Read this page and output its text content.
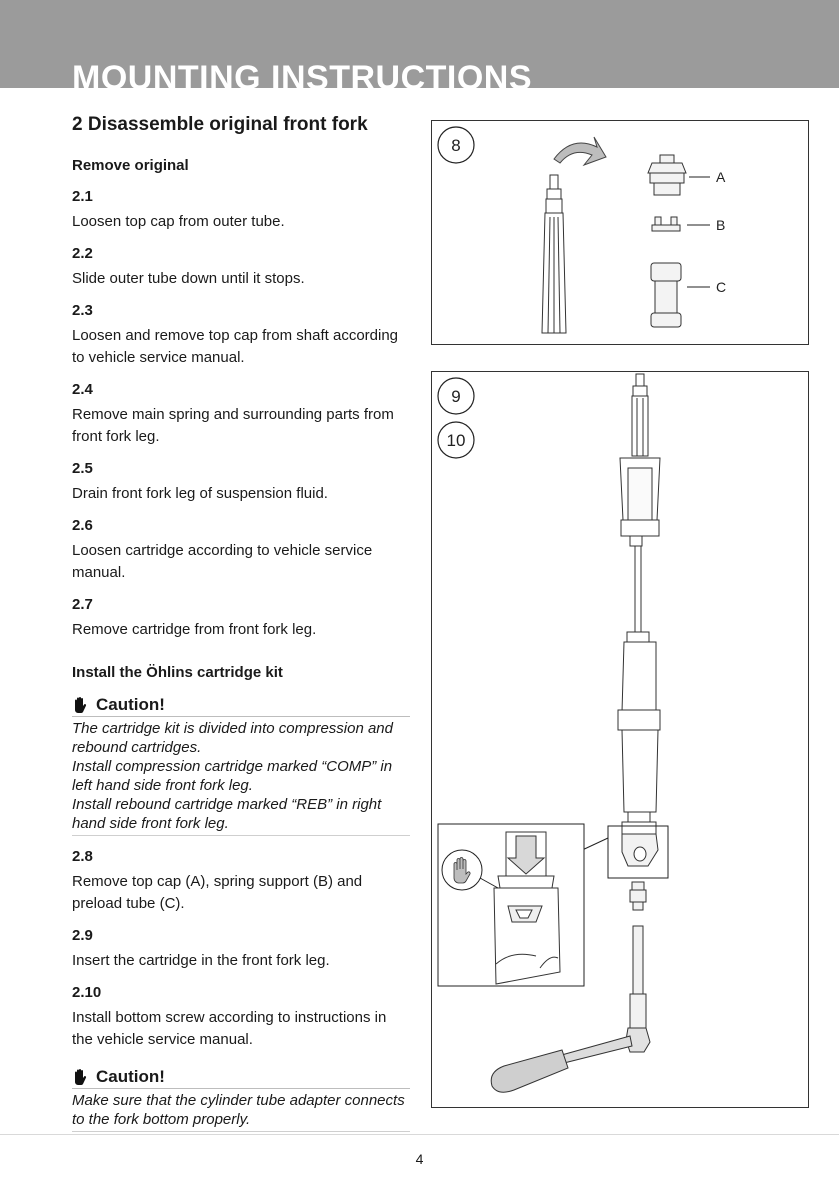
MOUNTING INSTRUCTIONS
2 Disassemble original front fork

Remove original

2.1

Loosen top cap from outer tube.

2.2

Slide outer tube down until it stops.

2.3

Loosen and remove top cap from shaft according to vehicle service manual.

2.4

Remove main spring and surrounding parts from front fork leg.

2.5

Drain front fork leg of suspension fluid.

2.6

Loosen cartridge according to vehicle service manual.

2.7

Remove cartridge from front fork leg.

Install the Öhlins cartridge kit

Caution!

The cartridge kit is divided into compression and rebound cartridges.

Install compression cartridge marked “COMP” in left hand side front fork leg.

Install rebound cartridge marked “REB” in right hand side front fork leg.

2.8

Remove top cap (A), spring support (B) and preload tube (C).

2.9

Insert the cartridge in the front fork leg.

2.10

Install bottom screw according to instructions in the vehicle service manual.

Caution!

Make sure that the cylinder tube adapter connects to the fork bottom properly.

8
A
B
C
9
10
4
